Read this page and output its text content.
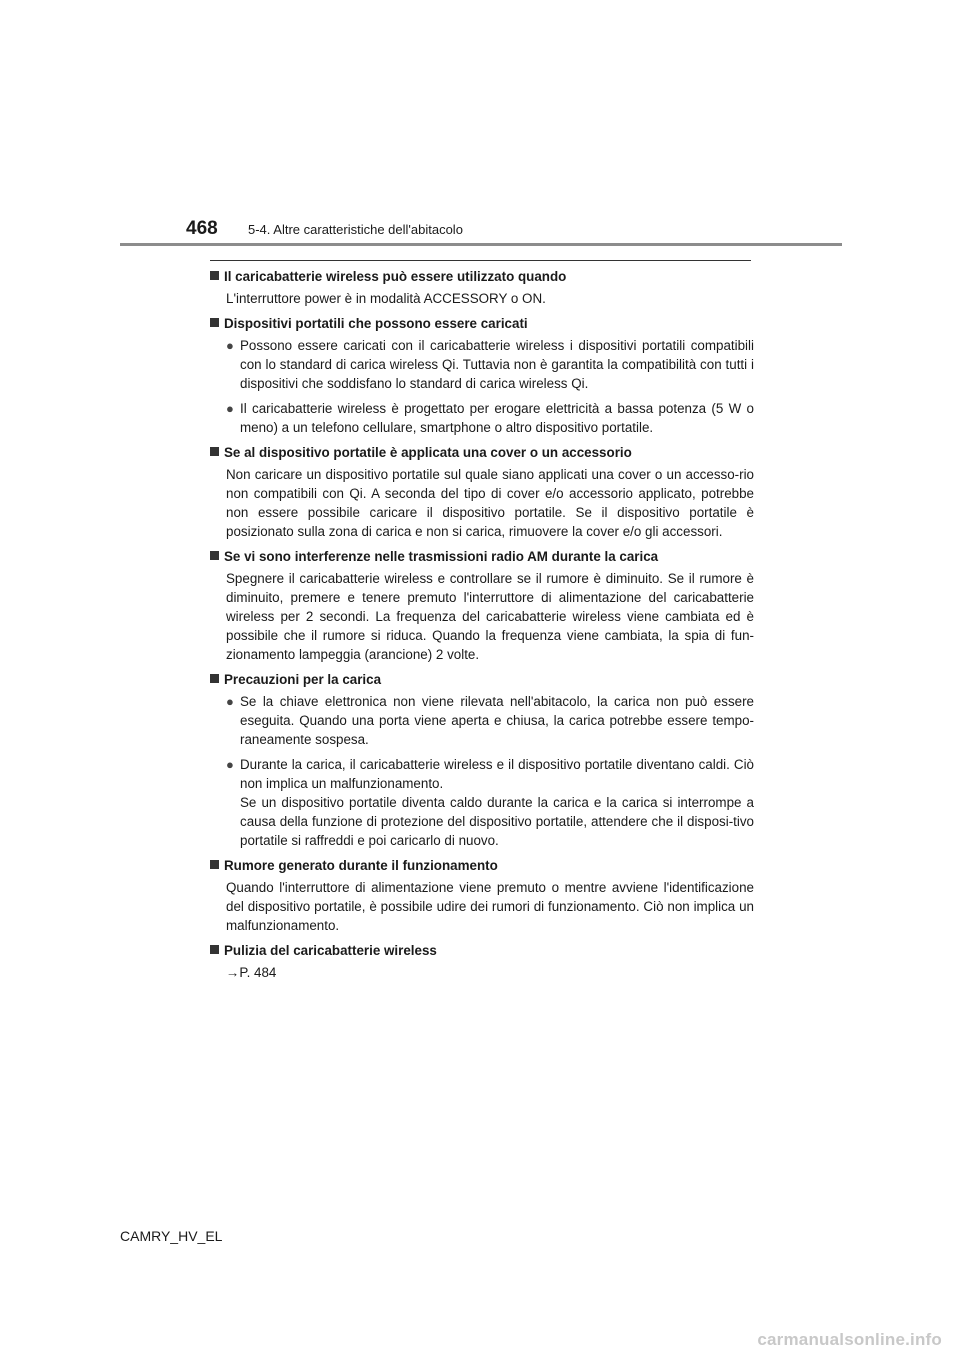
468 5-4. Altre caratteristiche dell'abitacolo
Il caricabatterie wireless può essere utilizzato quando
L'interruttore power è in modalità ACCESSORY o ON.
Dispositivi portatili che possono essere caricati
● Possono essere caricati con il caricabatterie wireless i dispositivi portatili compatibili con lo standard di carica wireless Qi. Tuttavia non è garantita la compatibilità con tutti i dispositivi che soddisfano lo standard di carica wireless Qi.
● Il caricabatterie wireless è progettato per erogare elettricità a bassa potenza (5 W o meno) a un telefono cellulare, smartphone o altro dispositivo portatile.
Se al dispositivo portatile è applicata una cover o un accessorio
Non caricare un dispositivo portatile sul quale siano applicati una cover o un accesso-rio non compatibili con Qi. A seconda del tipo di cover e/o accessorio applicato, potrebbe non essere possibile caricare il dispositivo portatile. Se il dispositivo portatile è posizionato sulla zona di carica e non si carica, rimuovere la cover e/o gli accessori.
Se vi sono interferenze nelle trasmissioni radio AM durante la carica
Spegnere il caricabatterie wireless e controllare se il rumore è diminuito. Se il rumore è diminuito, premere e tenere premuto l'interruttore di alimentazione del caricabatterie wireless per 2 secondi. La frequenza del caricabatterie wireless viene cambiata ed è possibile che il rumore si riduca. Quando la frequenza viene cambiata, la spia di fun-zionamento lampeggia (arancione) 2 volte.
Precauzioni per la carica
● Se la chiave elettronica non viene rilevata nell'abitacolo, la carica non può essere eseguita. Quando una porta viene aperta e chiusa, la carica potrebbe essere tempo-raneamente sospesa.
● Durante la carica, il caricabatterie wireless e il dispositivo portatile diventano caldi. Ciò non implica un malfunzionamento.
Se un dispositivo portatile diventa caldo durante la carica e la carica si interrompe a causa della funzione di protezione del dispositivo portatile, attendere che il disposi-tivo portatile si raffreddi e poi caricarlo di nuovo.
Rumore generato durante il funzionamento
Quando l'interruttore di alimentazione viene premuto o mentre avviene l'identificazione del dispositivo portatile, è possibile udire dei rumori di funzionamento. Ciò non implica un malfunzionamento.
Pulizia del caricabatterie wireless
→P. 484
CAMRY_HV_EL
carmanualsonline.info
